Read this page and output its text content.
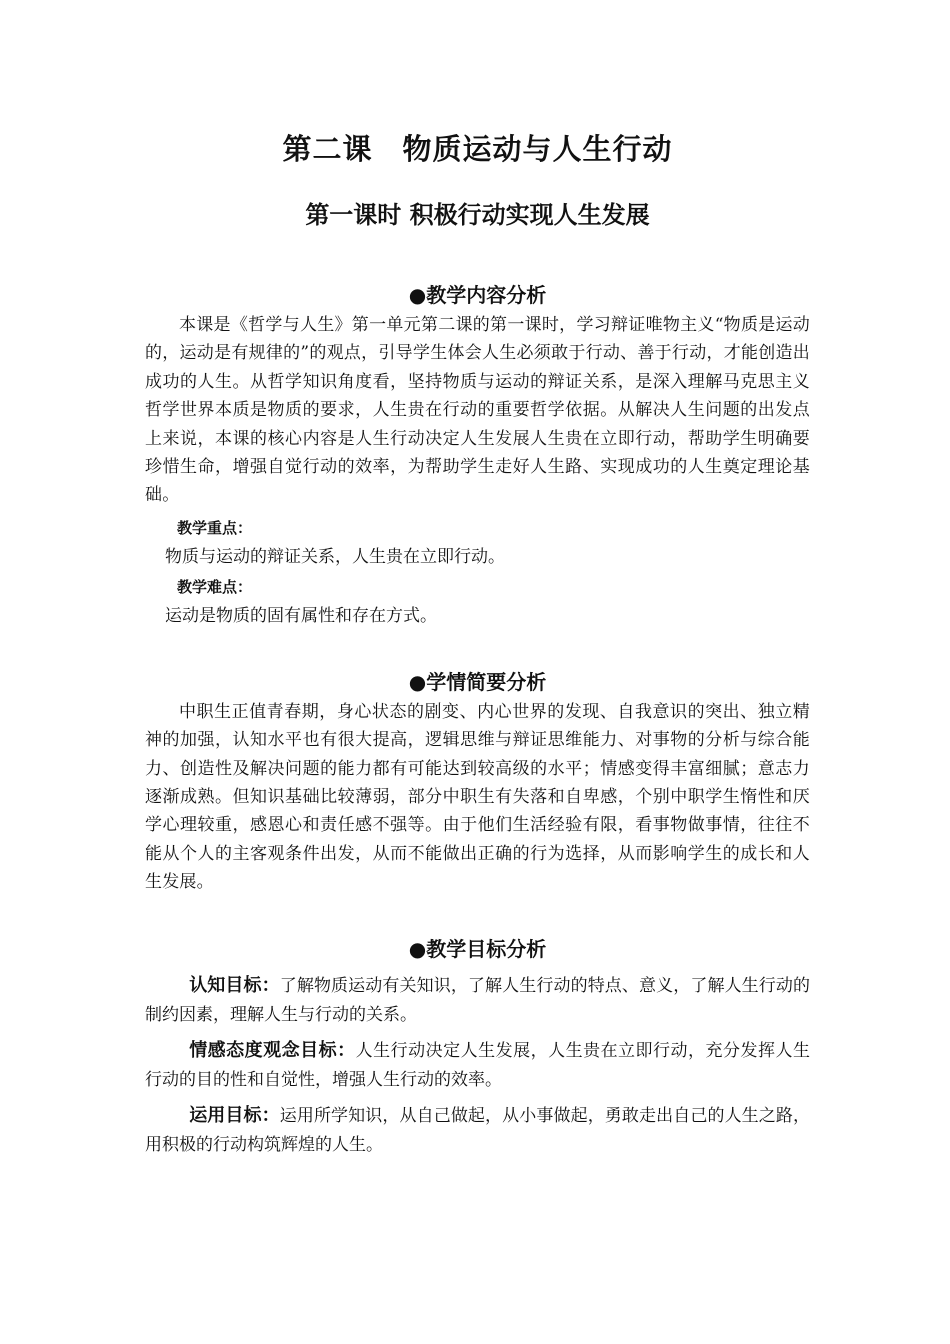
第二课　物质运动与人生行动
第一课时 积极行动实现人生发展
●教学内容分析

本课是《哲学与人生》第一单元第二课的第一课时，学习辩证唯物主义“物质是运动的，运动是有规律的”的观点，引导学生体会人生必须敢于行动、善于行动，才能创造出成功的人生。从哲学知识角度看，坚持物质与运动的辩证关系，是深入理解马克思主义哲学世界本质是物质的要求，人生贵在行动的重要哲学依据。从解决人生问题的出发点上来说，本课的核心内容是人生行动决定人生发展人生贵在立即行动，帮助学生明确要珍惜生命，增强自觉行动的效率，为帮助学生走好人生路、实现成功的人生奠定理论基础。

教学重点：

物质与运动的辩证关系，人生贵在立即行动。

教学难点：

运动是物质的固有属性和存在方式。

●学情简要分析

中职生正值青春期，身心状态的剧变、内心世界的发现、自我意识的突出、独立精神的加强，认知水平也有很大提高，逻辑思维与辩证思维能力、对事物的分析与综合能力、创造性及解决问题的能力都有可能达到较高级的水平；情感变得丰富细腻；意志力逐渐成熟。但知识基础比较薄弱，部分中职生有失落和自卑感，个别中职学生惰性和厌学心理较重，感恩心和责任感不强等。由于他们生活经验有限，看事物做事情，往往不能从个人的主客观条件出发，从而不能做出正确的行为选择，从而影响学生的成长和人生发展。

●教学目标分析

认知目标：了解物质运动有关知识，了解人生行动的特点、意义，了解人生行动的制约因素，理解人生与行动的关系。

情感态度观念目标：人生行动决定人生发展，人生贵在立即行动，充分发挥人生行动的目的性和自觉性，增强人生行动的效率。

运用目标：运用所学知识，从自己做起，从小事做起，勇敢走出自己的人生之路，用积极的行动构筑辉煌的人生。
